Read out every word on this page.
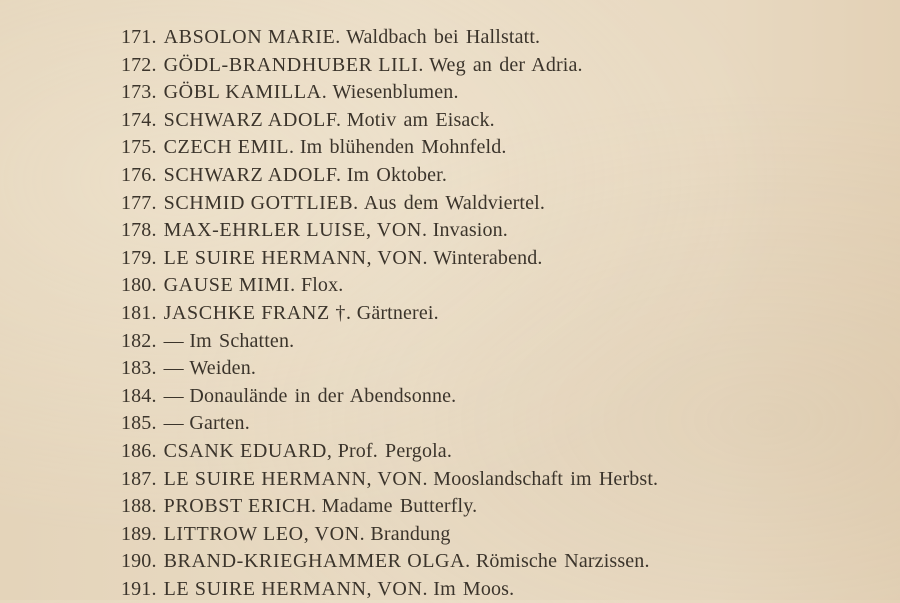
171. ABSOLON MARIE. Waldbach bei Hallstatt.
172. GÖDL-BRANDHUBER LILI. Weg an der Adria.
173. GÖBL KAMILLA. Wiesenblumen.
174. SCHWARZ ADOLF. Motiv am Eisack.
175. CZECH EMIL. Im blühenden Mohnfeld.
176. SCHWARZ ADOLF. Im Oktober.
177. SCHMID GOTTLIEB. Aus dem Waldviertel.
178. MAX-EHRLER LUISE, VON. Invasion.
179. LE SUIRE HERMANN, VON. Winterabend.
180. GAUSE MIMI. Flox.
181. JASCHKE FRANZ †. Gärtnerei.
182. — Im Schatten.
183. — Weiden.
184. — Donaulände in der Abendsonne.
185. — Garten.
186. CSANK EDUARD, Prof. Pergola.
187. LE SUIRE HERMANN, VON. Mooslandschaft im Herbst.
188. PROBST ERICH. Madame Butterfly.
189. LITTROW LEO, VON. Brandung
190. BRAND-KRIEGHAMMER OLGA. Römische Narzissen.
191. LE SUIRE HERMANN, VON. Im Moos.
